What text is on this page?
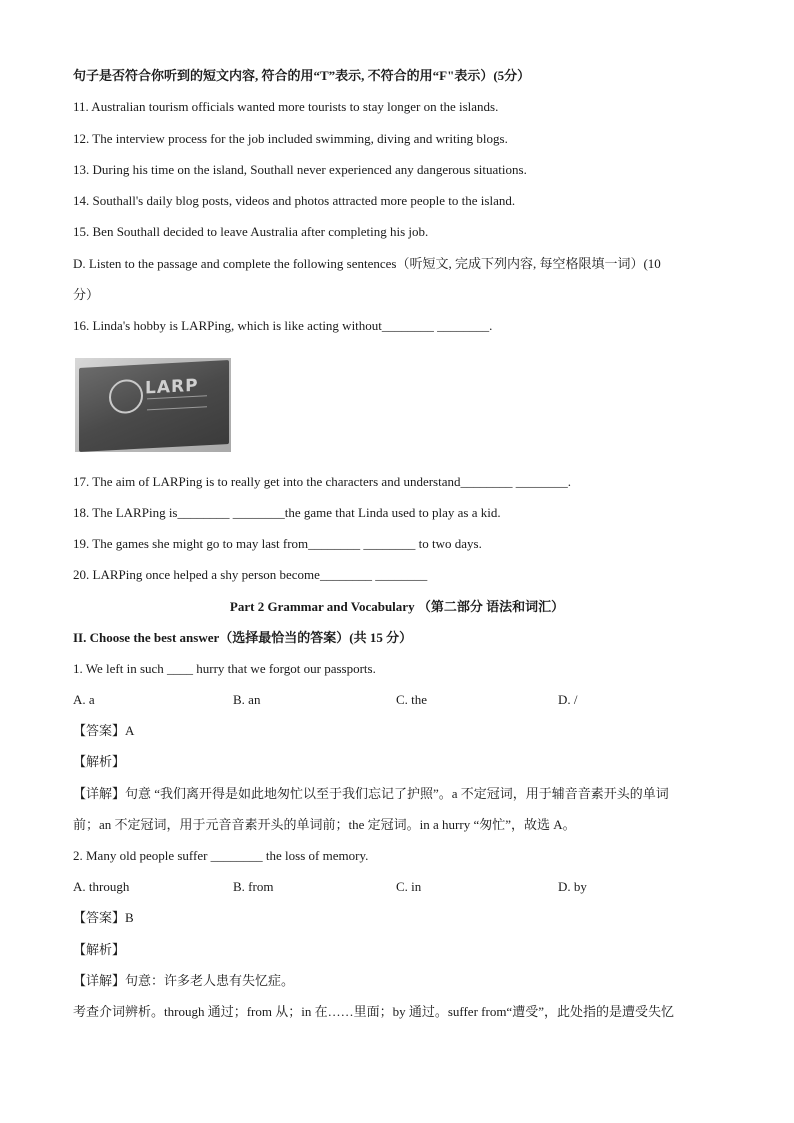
句子是否符合你听到的短文内容, 符合的用“T”表示, 不符合的用“F"表示）(5分）
11. Australian tourism officials wanted more tourists to stay longer on the islands.
12. The interview process for the job included swimming, diving and writing blogs.
13. During his time on the island, Southall never experienced any dangerous situations.
14. Southall's daily blog posts, videos and photos attracted more people to the island.
15. Ben Southall decided to leave Australia after completing his job.
D. Listen to the passage and complete the following sentences（听短文, 完成下列内容, 每空格限填一词）(10
分）
16. Linda's hobby is LARPing, which is like acting without________ ________.
LARP
17. The aim of LARPing is to really get into the characters and understand________ ________.
18. The LARPing is________ ________the game that Linda used to play as a kid.
19. The games she might go to may last from________ ________ to two days.
20. LARPing once helped a shy person become________ ________
Part 2 Grammar and Vocabulary （第二部分 语法和词汇）
II. Choose the best answer（选择最恰当的答案）(共 15 分）
1. We left in such ____ hurry that we forgot our passports.
A. a	B. an	C. the	D. /
【答案】A
【解析】
【详解】句意 “我们离开得是如此地匆忙以至于我们忘记了护照”。a 不定冠词，用于辅音音素开头的单词
前；an 不定冠词，用于元音音素开头的单词前；the 定冠词。in a hurry “匆忙”，故选 A。
2. Many old people suffer ________ the loss of memory.
A. through	B. from	C. in	D. by
【答案】B
【解析】
【详解】句意：许多老人患有失忆症。
考查介词辨析。through 通过；from 从；in 在……里面；by 通过。suffer from“遭受”，此处指的是遭受失忆
